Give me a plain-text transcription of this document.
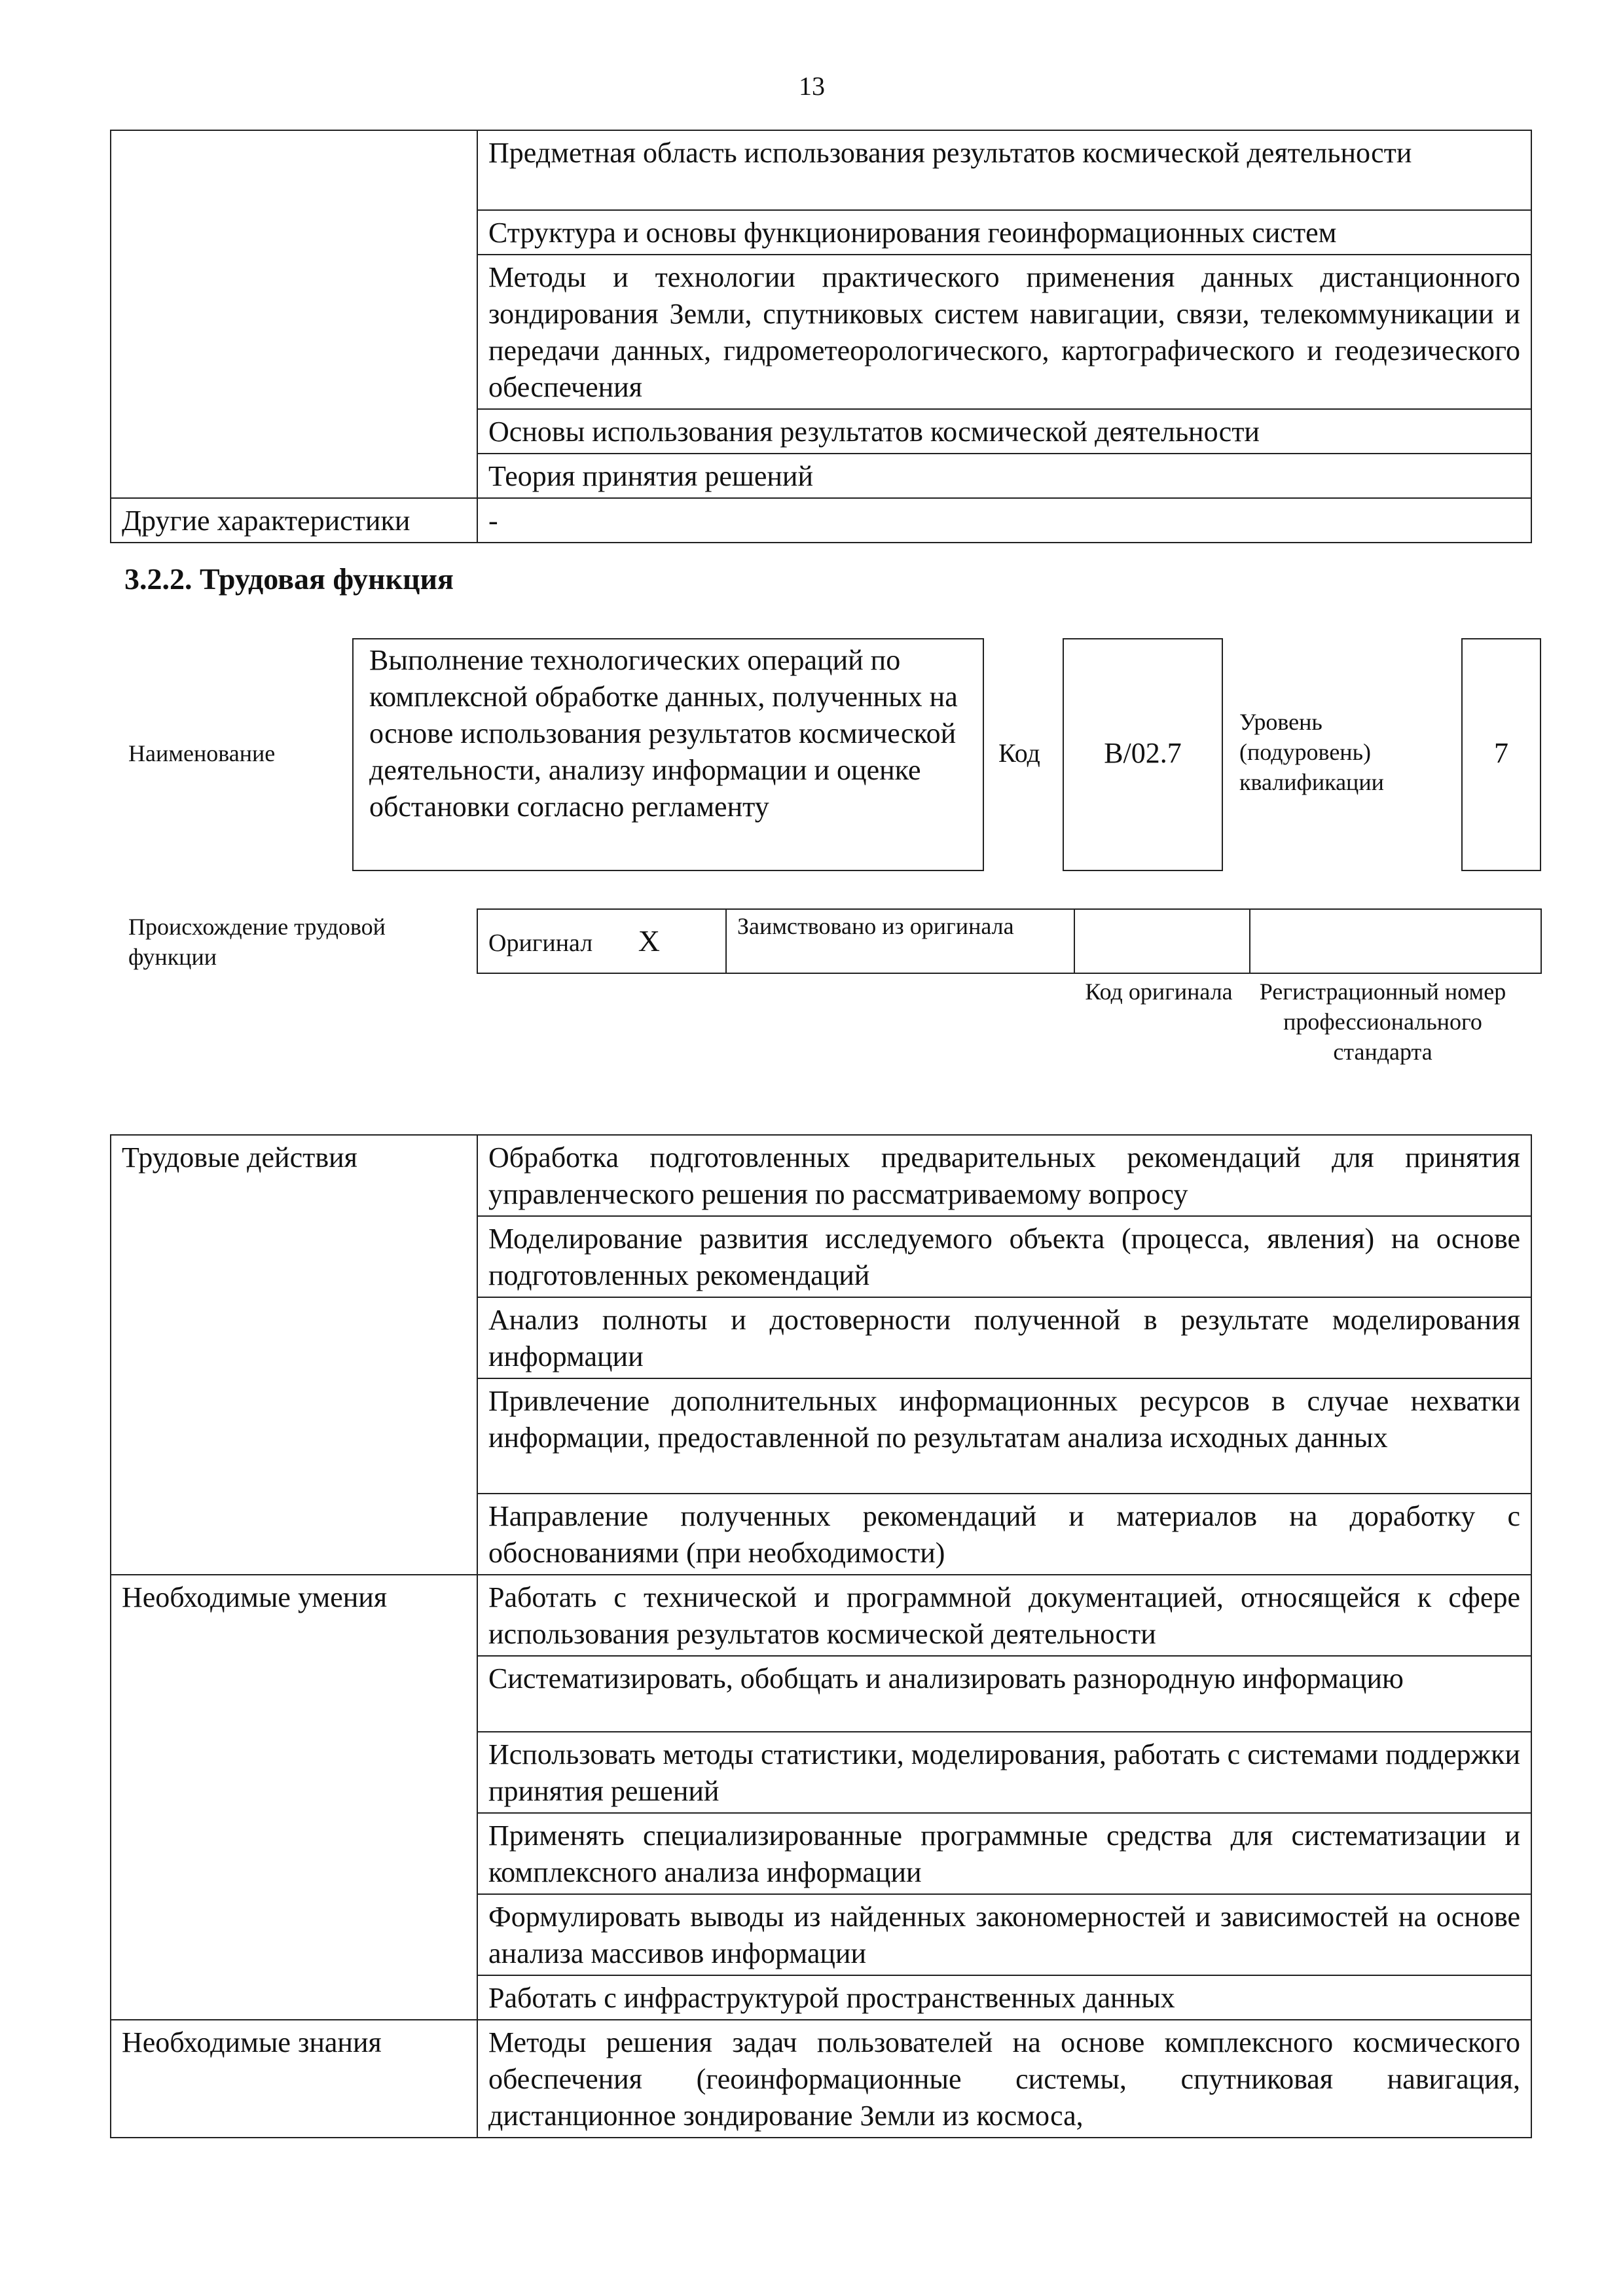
13
	Предметная область использования результатов космической деятельности
	Структура и основы функционирования геоинформационных систем
	Методы и технологии практического применения данных дистанционного зондирования Земли, спутниковых систем навигации, связи, телекоммуникации и передачи данных, гидрометеорологического, картографического и геодезического обеспечения
	Основы использования результатов космической деятельности
	Теория принятия решений
Другие характеристики	-
3.2.2. Трудовая функция
Наименование
Выполнение технологических операций по комплексной обработке данных, полученных на основе использования результатов космической деятельности, анализу информации и оценке обстановки согласно регламенту
Код	B/02.7
Уровень (подуровень) квалификации
7
Происхождение трудовой функции
Оригинал X	Заимствовано из оригинала		
Код оригинала	Регистрационный номер профессионального стандарта
Трудовые действия	Обработка подготовленных предварительных рекомендаций для принятия управленческого решения по рассматриваемому вопросу
	Моделирование развития исследуемого объекта (процесса, явления) на основе подготовленных рекомендаций
	Анализ полноты и достоверности полученной в результате моделирования информации
	Привлечение дополнительных информационных ресурсов в случае нехватки информации, предоставленной по результатам анализа исходных данных
	Направление полученных рекомендаций и материалов на доработку с обоснованиями (при необходимости)
Необходимые умения	Работать с технической и программной документацией, относящейся к сфере использования результатов космической деятельности
	Систематизировать, обобщать и анализировать разнородную информацию
	Использовать методы статистики, моделирования, работать с системами поддержки принятия решений
	Применять специализированные программные средства для систематизации и комплексного анализа информации
	Формулировать выводы из найденных закономерностей и зависимостей на основе анализа массивов информации
	Работать с инфраструктурой пространственных данных
Необходимые знания	Методы решения задач пользователей на основе комплексного космического обеспечения (геоинформационные системы, спутниковая навигация, дистанционное зондирование Земли из космоса,
